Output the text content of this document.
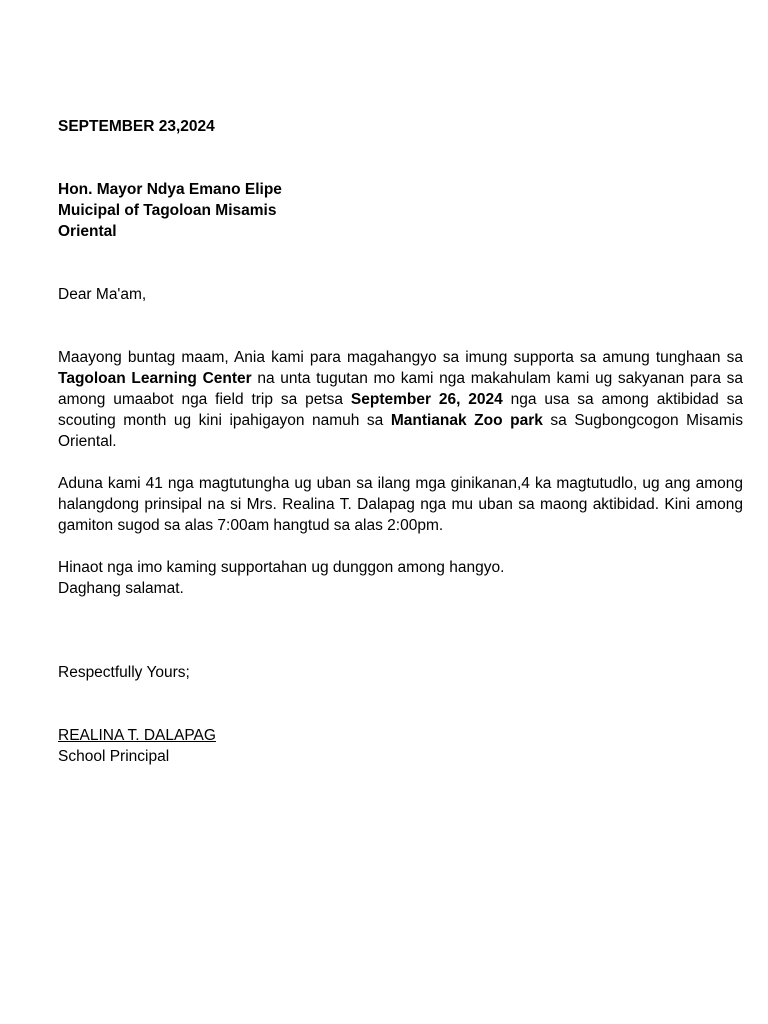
SEPTEMBER 23,2024
Hon. Mayor Ndya Emano Elipe
Muicipal of Tagoloan Misamis
Oriental
Dear Ma'am,

Maayong buntag maam, Ania kami para magahangyo sa imung supporta sa amung tunghaan sa Tagoloan Learning Center na unta tugutan mo kami nga makahulam kami ug sakyanan para sa among umaabot nga field trip sa petsa September 26, 2024 nga usa sa among aktibidad sa scouting month ug kini ipahigayon namuh sa Mantianak Zoo park sa Sugbongcogon Misamis Oriental.

Aduna kami 41 nga magtutungha ug uban sa ilang mga ginikanan,4 ka magtutudlo, ug ang among halangdong prinsipal na si Mrs. Realina T. Dalapag nga mu uban sa maong aktibidad. Kini among gamiton sugod sa alas 7:00am hangtud sa alas 2:00pm.

Hinaot nga imo kaming supportahan ug dunggon among hangyo.
Daghang salamat.
Respectfully Yours;
REALINA T. DALAPAG
School Principal
